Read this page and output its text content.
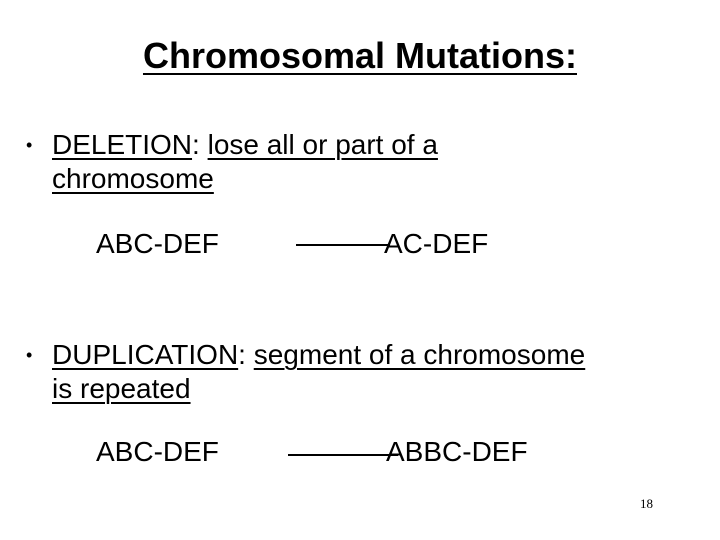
Chromosomal Mutations:
• DELETION: lose all or part of a
chromosome
ABC-DEF	AC-DEF
• DUPLICATION: segment of a chromosome
is repeated
ABC-DEF	ABBC-DEF
18
